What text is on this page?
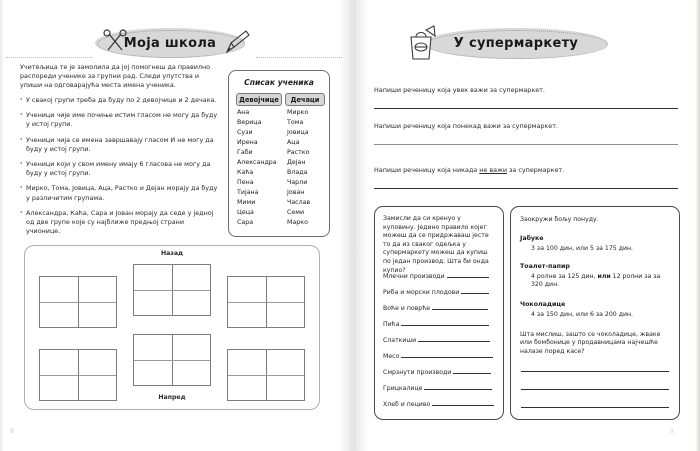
Моја школа
Учитељица те је замолила да јој помогнеш да правилно распореди ученике за групни рад. Следи упутства и упиши на одговарајућа места имена ученика.
· У свакој групи треба да буду по 2 девојчице и 2 дечака.
· Ученици чије име почиње истим гласом не могу да буду у истој групи.
· Ученици чија се имена завршавају гласом И не могу да буду у истој групи.
· Ученици који у свом имену имају 6 гласова не могу да буду у истој групи.
· Мирко, Тома, Јовица, Аца, Растко и Дејан морају да буду у различитим групама.
· Александра, Каћа, Сара и Јован морају да седе у једној од две групе које су најближе предњој страни учионице.
Списак ученика
Девојчице	Дечаци
Ана
Верица
Сузи
Ирена
Габи
Александра
Каћа
Пена
Тијана
Мими
Цеца
Сара
Мирко
Тома
Јовица
Аца
Растко
Дејан
Влада
Чарли
Јован
Часлав
Семи
Марко
Назад
Напред
8
У супермаркету
Напиши реченицу која увек важи за супермаркет.
Напиши реченицу која понекад важи за супермаркет.
Напиши реченицу која никада не важи за супермаркет.
Замисли да си кренуо у куповину. Једино правило којег можеш да се придржаваш јесте то да из сваког одељка у супермаркету можеш да купиш по један производ. Шта би онда купио?
Млечни производи
Риба и морски плодови
Воће и поврће
Пића
Слаткиши
Месо
Смрзнути производи
Грицкалице
Хлеб и пециво
Заокружи бољу понуду.
Јабуке
3 за 100 дин, или 5 за 175 дин.
Тоалет-папир
4 ролне за 125 дин, или 12 ролни за за 320 дин.
Чоколадице
4 за 150 дин, или 6 за 200 дин.
Шта мислиш, зашто се чоколадице, жваке или бомбонице у продавницама најчешће налазе поред касе?
9
